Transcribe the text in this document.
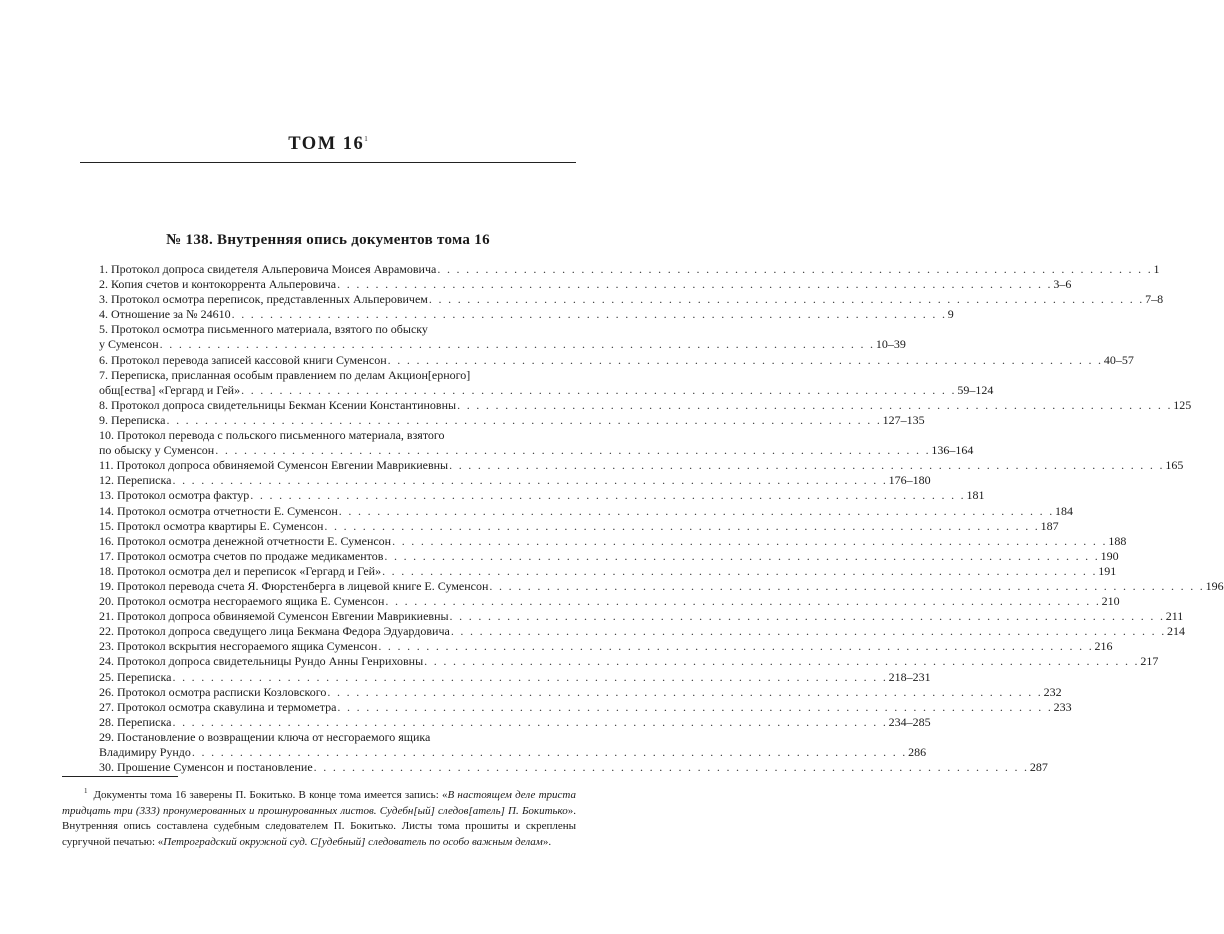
ТОМ $16^1$
№ 138. Внутренняя опись документов тома 16
1. Протокол допроса свидетеля Альперовича Моисея Аврамовича . . . . . . . . . . . . . . . . . . . . . . . . . . . . . . . . . . . . . . . . . . . . . . . . . . . . . . . . . . . . . . . . . . . . . . . . . . . 1
2. Копия счетов и контокоррента Альперовича . . . . . . . . . . . . . . . . . . . . . . . . . . . . . . . . . . . . . . . . . . . . . . . . . . . . . . . . . . . . . . . . . . . . . . . . . . . 3–6
3. Протокол осмотра переписок, представленных Альперовичем . . . . . . . . . . . . . . . . . . . . . . . . . . . . . . . . . . . . . . . . . . . . . . . . . . . . . . . . . . . . . . . . . . . . . . . . . . . 7–8
4. Отношение за № 24610 . . . . . . . . . . . . . . . . . . . . . . . . . . . . . . . . . . . . . . . . . . . . . . . . . . . . . . . . . . . . . . . . . . . . . . . . . . . 9
5. Протокол осмотра письменного материала, взятого по обыску
у Суменсон . . . . . . . . . . . . . . . . . . . . . . . . . . . . . . . . . . . . . . . . . . . . . . . . . . . . . . . . . . . . . . . . . . . . . . . . . . . 10–39
6. Протокол перевода записей кассовой книги Суменсон . . . . . . . . . . . . . . . . . . . . . . . . . . . . . . . . . . . . . . . . . . . . . . . . . . . . . . . . . . . . . . . . . . . . . . . . . . . 40–57
7. Переписка, присланная особым правлением по делам Акцион[ерного]
общ[ества] «Гергард и Гей» . . . . . . . . . . . . . . . . . . . . . . . . . . . . . . . . . . . . . . . . . . . . . . . . . . . . . . . . . . . . . . . . . . . . . . . . . . . 59–124
8. Протокол допроса свидетельницы Бекман Ксении Константиновны . . . . . . . . . . . . . . . . . . . . . . . . . . . . . . . . . . . . . . . . . . . . . . . . . . . . . . . . . . . . . . . . . . . . . . . . . . . 125
9. Переписка . . . . . . . . . . . . . . . . . . . . . . . . . . . . . . . . . . . . . . . . . . . . . . . . . . . . . . . . . . . . . . . . . . . . . . . . . . . 127–135
10. Протокол перевода с польского письменного материала, взятого
по обыску у Суменсон . . . . . . . . . . . . . . . . . . . . . . . . . . . . . . . . . . . . . . . . . . . . . . . . . . . . . . . . . . . . . . . . . . . . . . . . . . . 136–164
11. Протокол допроса обвиняемой Суменсон Евгении Маврикиевны . . . . . . . . . . . . . . . . . . . . . . . . . . . . . . . . . . . . . . . . . . . . . . . . . . . . . . . . . . . . . . . . . . . . . . . . . . . 165
12. Переписка . . . . . . . . . . . . . . . . . . . . . . . . . . . . . . . . . . . . . . . . . . . . . . . . . . . . . . . . . . . . . . . . . . . . . . . . . . . 176–180
13. Протокол осмотра фактур . . . . . . . . . . . . . . . . . . . . . . . . . . . . . . . . . . . . . . . . . . . . . . . . . . . . . . . . . . . . . . . . . . . . . . . . . . . 181
14. Протокол осмотра отчетности Е. Суменсон . . . . . . . . . . . . . . . . . . . . . . . . . . . . . . . . . . . . . . . . . . . . . . . . . . . . . . . . . . . . . . . . . . . . . . . . . . . 184
15. Протокл осмотра квартиры Е. Суменсон . . . . . . . . . . . . . . . . . . . . . . . . . . . . . . . . . . . . . . . . . . . . . . . . . . . . . . . . . . . . . . . . . . . . . . . . . . . 187
16. Протокол осмотра денежной отчетности Е. Суменсон . . . . . . . . . . . . . . . . . . . . . . . . . . . . . . . . . . . . . . . . . . . . . . . . . . . . . . . . . . . . . . . . . . . . . . . . . . . 188
17. Протокол осмотра счетов по продаже медикаментов . . . . . . . . . . . . . . . . . . . . . . . . . . . . . . . . . . . . . . . . . . . . . . . . . . . . . . . . . . . . . . . . . . . . . . . . . . . 190
18. Протокол осмотра дел и переписок «Гергард и Гей» . . . . . . . . . . . . . . . . . . . . . . . . . . . . . . . . . . . . . . . . . . . . . . . . . . . . . . . . . . . . . . . . . . . . . . . . . . . 191
19. Протокол перевода счета Я. Фюрстенберга в лицевой книге Е. Суменсон . . . . . . . . . . . . . . . . . . . . . . . . . . . . . . . . . . . . . . . . . . . . . . . . . . . . . . . . . . . . . . . . . . . . . . . . . . . 196
20. Протокол осмотра несгораемого ящика Е. Суменсон . . . . . . . . . . . . . . . . . . . . . . . . . . . . . . . . . . . . . . . . . . . . . . . . . . . . . . . . . . . . . . . . . . . . . . . . . . . 210
21. Протокол допроса обвиняемой Суменсон Евгении Маврикиевны . . . . . . . . . . . . . . . . . . . . . . . . . . . . . . . . . . . . . . . . . . . . . . . . . . . . . . . . . . . . . . . . . . . . . . . . . . . 211
22. Протокол допроса сведущего лица Бекмана Федора Эдуардовича . . . . . . . . . . . . . . . . . . . . . . . . . . . . . . . . . . . . . . . . . . . . . . . . . . . . . . . . . . . . . . . . . . . . . . . . . . . 214
23. Протокол вскрытия несгораемого ящика Суменсон . . . . . . . . . . . . . . . . . . . . . . . . . . . . . . . . . . . . . . . . . . . . . . . . . . . . . . . . . . . . . . . . . . . . . . . . . . . 216
24. Протокол допроса свидетельницы Рундо Анны Генриховны . . . . . . . . . . . . . . . . . . . . . . . . . . . . . . . . . . . . . . . . . . . . . . . . . . . . . . . . . . . . . . . . . . . . . . . . . . . 217
25. Переписка . . . . . . . . . . . . . . . . . . . . . . . . . . . . . . . . . . . . . . . . . . . . . . . . . . . . . . . . . . . . . . . . . . . . . . . . . . . 218–231
26. Протокол осмотра расписки Козловского . . . . . . . . . . . . . . . . . . . . . . . . . . . . . . . . . . . . . . . . . . . . . . . . . . . . . . . . . . . . . . . . . . . . . . . . . . . 232
27. Протокол осмотра скавулина и термометра . . . . . . . . . . . . . . . . . . . . . . . . . . . . . . . . . . . . . . . . . . . . . . . . . . . . . . . . . . . . . . . . . . . . . . . . . . . 233
28. Переписка . . . . . . . . . . . . . . . . . . . . . . . . . . . . . . . . . . . . . . . . . . . . . . . . . . . . . . . . . . . . . . . . . . . . . . . . . . . 234–285
29. Постановление о возвращении ключа от несгораемого ящика
Владимиру Рундо . . . . . . . . . . . . . . . . . . . . . . . . . . . . . . . . . . . . . . . . . . . . . . . . . . . . . . . . . . . . . . . . . . . . . . . . . . . 286
30. Прошение Суменсон и постановление . . . . . . . . . . . . . . . . . . . . . . . . . . . . . . . . . . . . . . . . . . . . . . . . . . . . . . . . . . . . . . . . . . . . . . . . . . . 287
$^1$ Документы тома 16 заверены П. Бокитько. В конце тома имеется запись: «В настоящем деле триста тридцать три (333) пронумерованных и прошнурованных листов. Судебн[ый] следов[атель] П. Бокитько». Внутренняя опись составлена судебным следователем П. Бокитько. Листы тома прошиты и скреплены сургучной печатью: «Петроградский окружной суд. С[удебный] следователь по особо важным делам».
